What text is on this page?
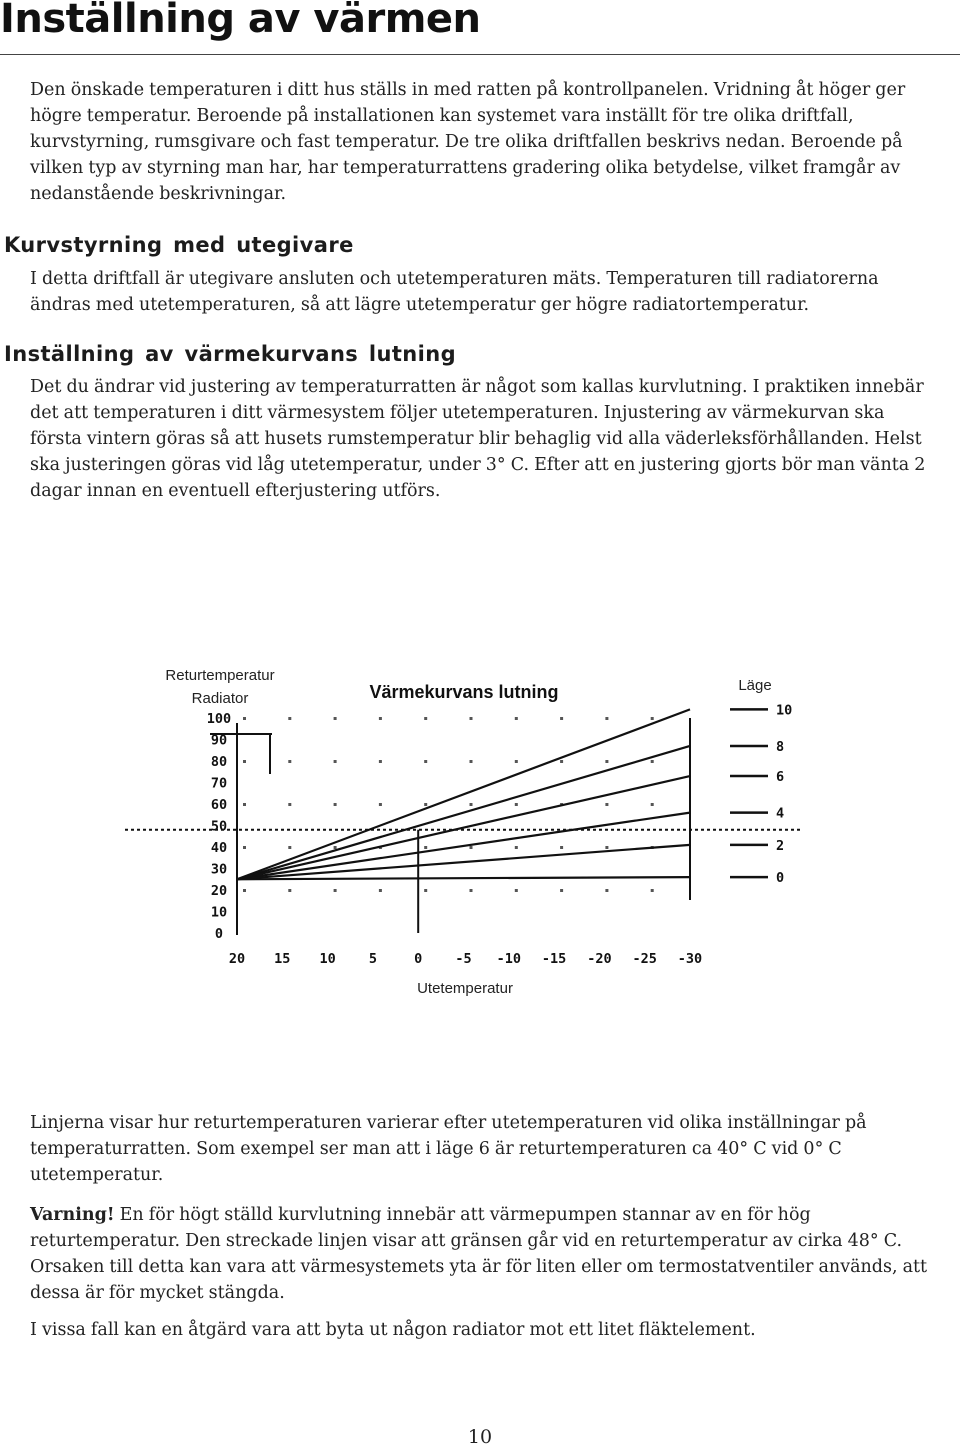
Inställning av värmen

Den önskade temperaturen i ditt hus ställs in med ratten på kontrollpanelen. Vridning åt höger ger högre temperatur. Beroende på installationen kan systemet vara inställt för tre olika driftfall, kurvstyrning, rumsgivare och fast temperatur. De tre olika driftfallen beskrivs nedan. Beroende på vilken typ av styrning man har, har temperaturrattens gradering olika betydelse, vilket framgår av nedanstående beskrivningar.

Kurvstyrning med utegivare

I detta driftfall är utegivare ansluten och utetemperaturen mäts. Temperaturen till radiatorerna ändras med utetemperaturen, så att lägre utetemperatur ger högre radiatortemperatur.

Inställning av värmekurvans lutning

Det du ändrar vid justering av temperaturratten är något som kallas kurvlutning. I praktiken innebär det att temperaturen i ditt värmesystem följer utetemperaturen. Injustering av värmekurvan ska första vintern göras så att husets rumstemperatur blir behaglig vid alla väderleksförhållanden. Helst ska justeringen göras vid låg utetemperatur, under 3° C. Efter att en justering gjorts bör man vänta 2 dagar innan en eventuell efterjustering utförs.

Returtemperatur
Radiator	Värmekurvans lutning	Läge
Utetemperatur
100
90
80
70
60
50
40
30
20
10
0
20 15 10 5	0 -5 -10 -15 -20 -25 -30
10
8
6
4
2
0

Linjerna visar hur returtemperaturen varierar efter utetemperaturen vid olika inställningar på temperaturratten. Som exempel ser man att i läge 6 är returtemperaturen ca 40° C vid 0° C utetemperatur.

Varning! En för högt ställd kurvlutning innebär att värmepumpen stannar av en för hög returtemperatur. Den streckade linjen visar att gränsen går vid en returtemperatur av cirka 48° C. Orsaken till detta kan vara att värmesystemets yta är för liten eller om termostatventiler används, att dessa är för mycket stängda.

I vissa fall kan en åtgärd vara att byta ut någon radiator mot ett litet fläktelement.

10
